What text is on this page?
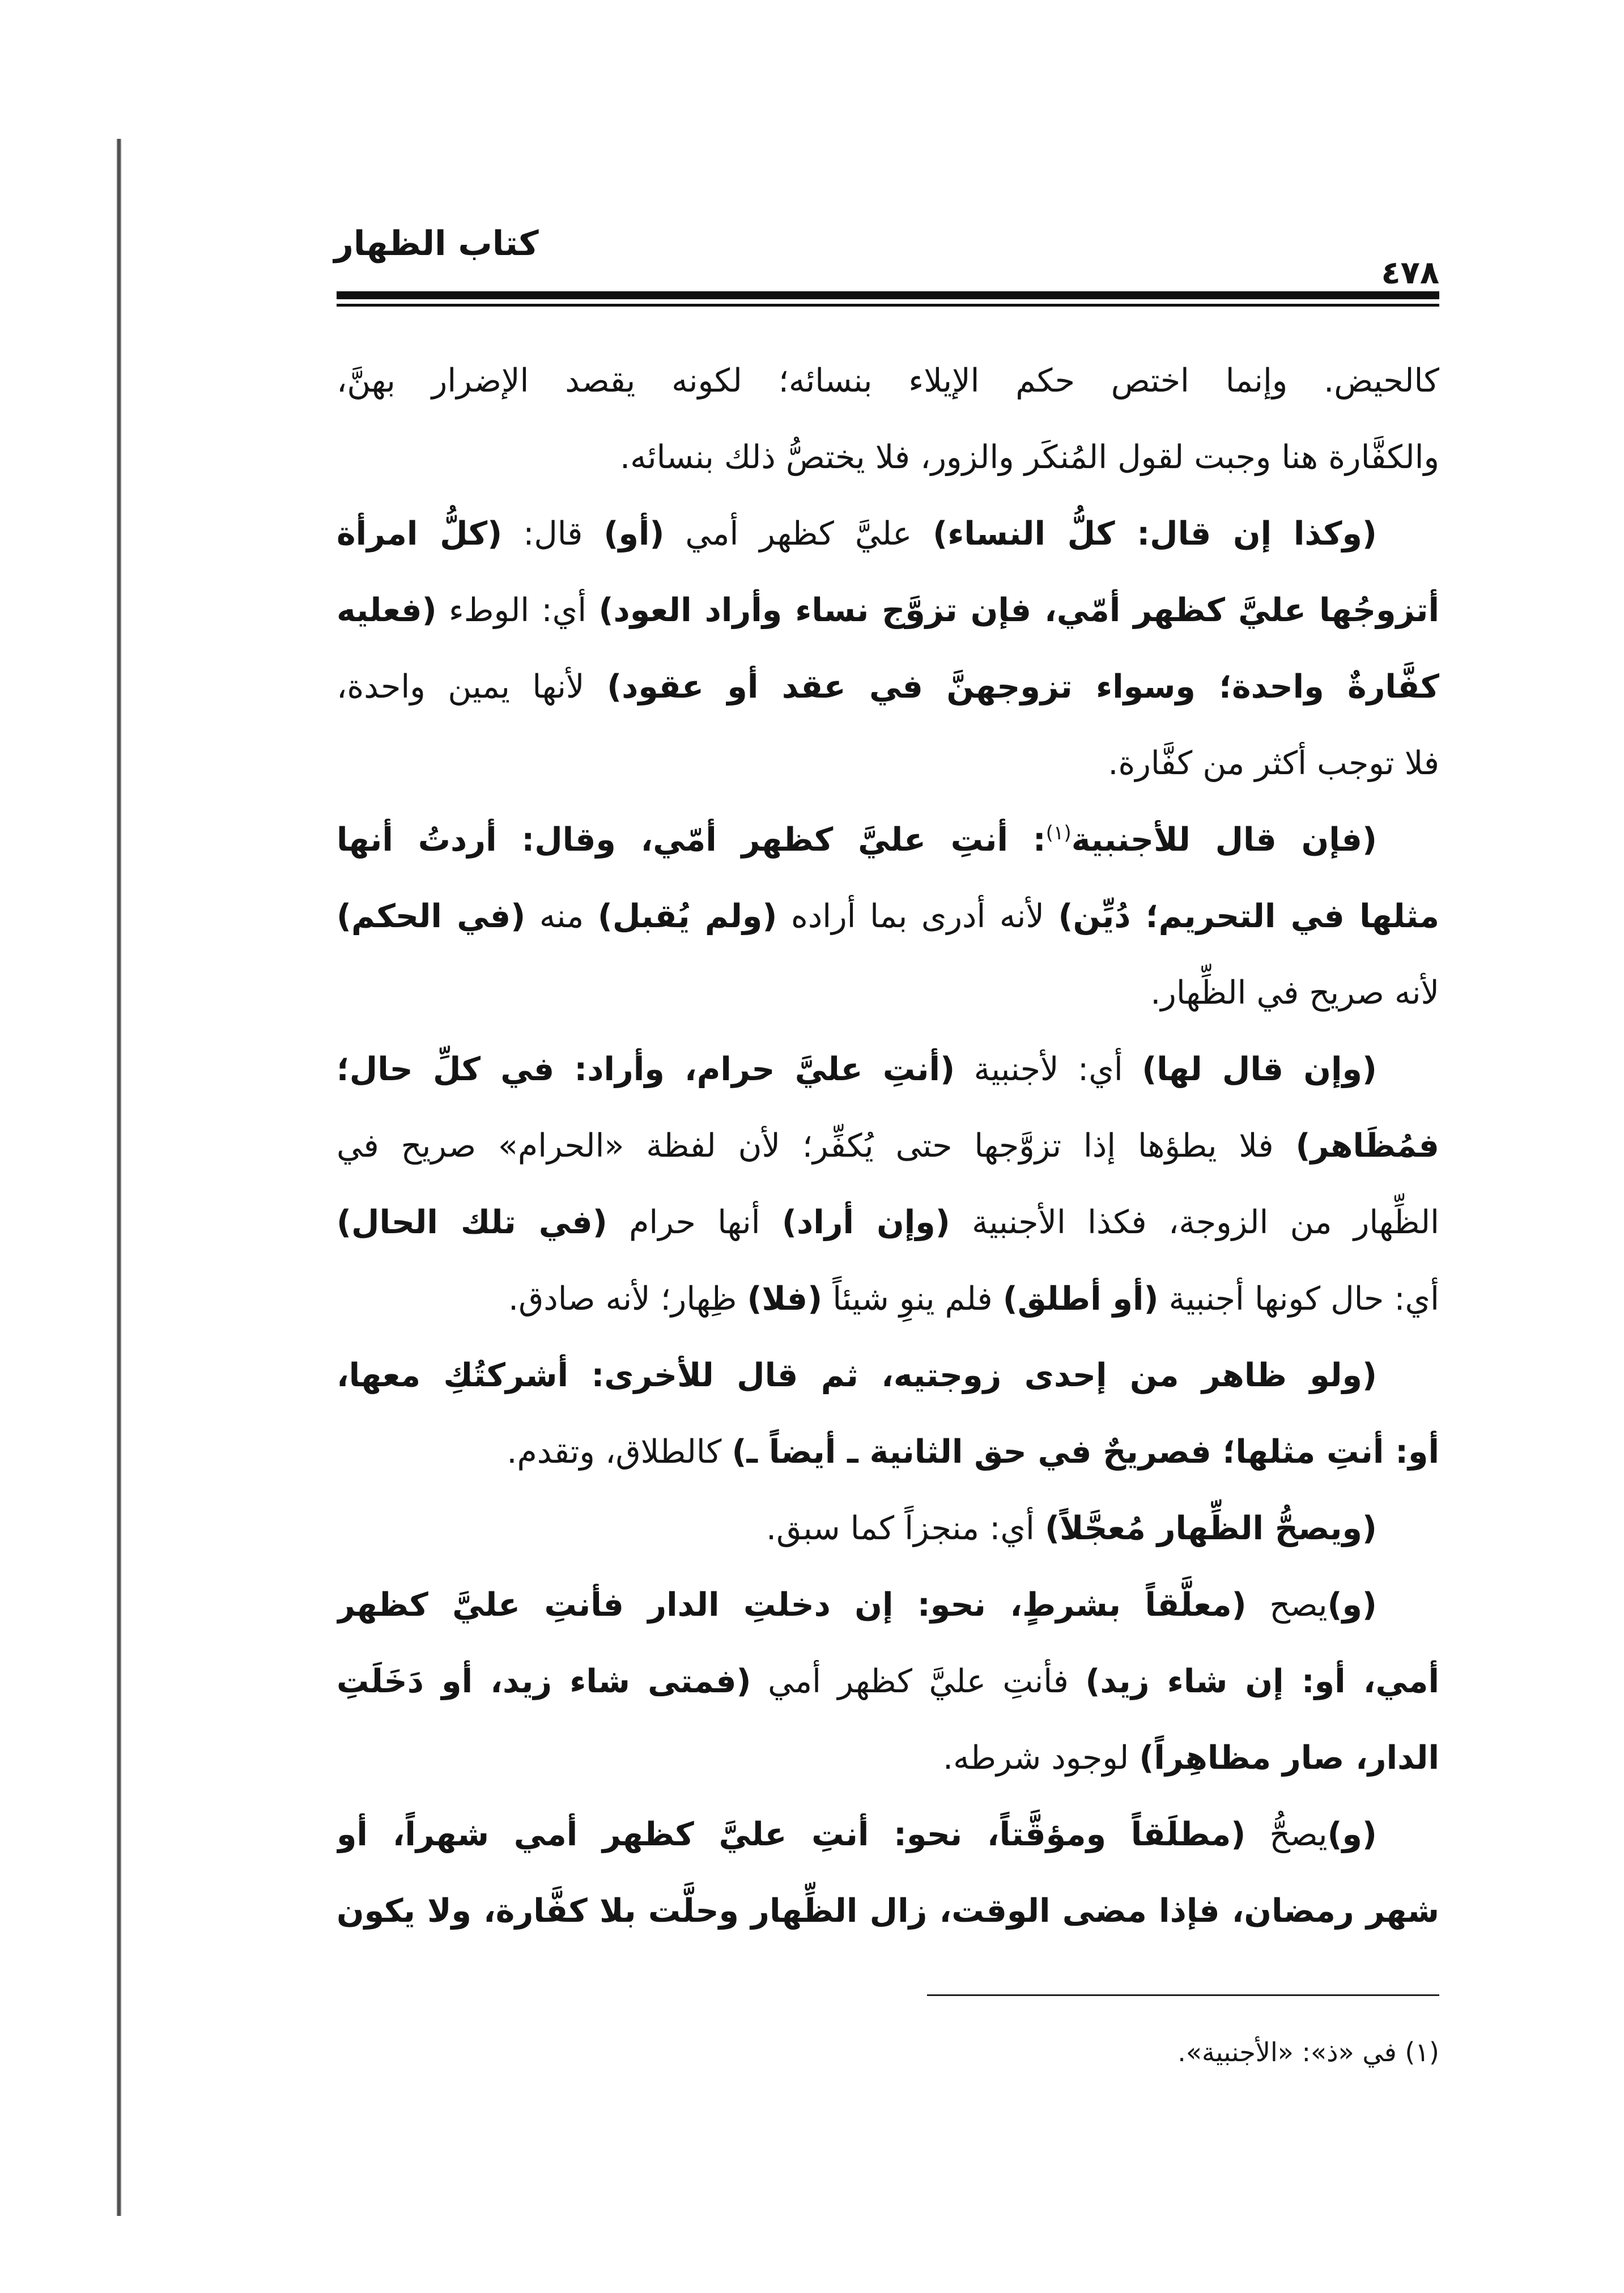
كتاب الظهار
٤٧٨
كالحيض. وإنما اختص حكم الإيلاء بنسائه؛ لكونه يقصد الإضرار بهنَّ،
والكفَّارة هنا وجبت لقول المُنكَر والزور، فلا يختصُّ ذلك بنسائه.
(وكذا إن قال: كلُّ النساء) عليَّ كظهر أمي (أو) قال: (كلُّ امرأة
أتزوجُها عليَّ كظهر أمّي، فإن تزوَّج نساء وأراد العود) أي: الوطء (فعليه
كفَّارةٌ واحدة؛ وسواء تزوجهنَّ في عقد أو عقود) لأنها يمين واحدة،
فلا توجب أكثر من كفَّارة.
(فإن قال للأجنبية$^{(١)}$: أنتِ عليَّ كظهر أمّي، وقال: أردتُ أنها
مثلها في التحريم؛ دُيِّن) لأنه أدرى بما أراده (ولم يُقبل) منه (في الحكم)
لأنه صريح في الظِّهار.
(وإن قال لها) أي: لأجنبية (أنتِ عليَّ حرام، وأراد: في كلِّ حال؛
فمُظَاهر) فلا يطؤها إذا تزوَّجها حتى يُكفِّر؛ لأن لفظة «الحرام» صريح في
الظِّهار من الزوجة، فكذا الأجنبية (وإن أراد) أنها حرام (في تلك الحال)
أي: حال كونها أجنبية (أو أطلق) فلم ينوِ شيئاً (فلا) ظِهار؛ لأنه صادق.
(ولو ظاهر من إحدى زوجتيه، ثم قال للأخرى: أشركتُكِ معها،
أو: أنتِ مثلها؛ فصريحٌ في حق الثانية ـ أيضاً ـ) كالطلاق، وتقدم.
(ويصحُّ الظِّهار مُعجَّلاً) أي: منجزاً كما سبق.
(و)يصح (معلَّقاً بشرطٍ، نحو: إن دخلتِ الدار فأنتِ عليَّ كظهر
أمي، أو: إن شاء زيد) فأنتِ عليَّ كظهر أمي (فمتى شاء زيد، أو دَخَلَتِ
الدار، صار مظاهِراً) لوجود شرطه.
(و)يصحُّ (مطلَقاً ومؤقَّتاً، نحو: أنتِ عليَّ كظهر أمي شهراً، أو
شهر رمضان، فإذا مضى الوقت، زال الظِّهار وحلَّت بلا كفَّارة، ولا يكون
(١) في «ذ»: «الأجنبية».
